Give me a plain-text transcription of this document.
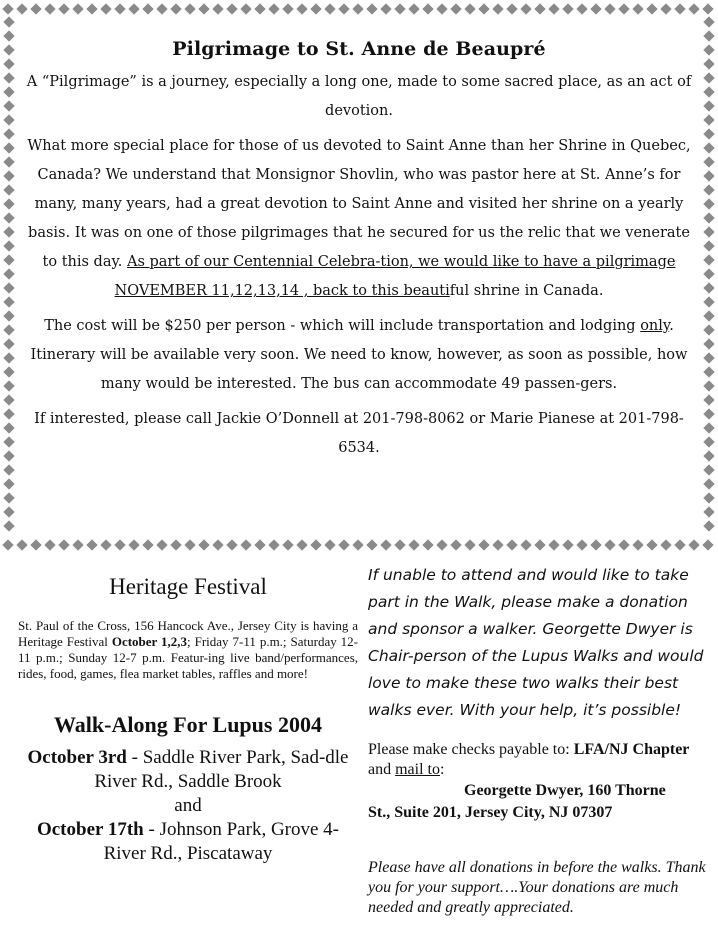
Pilgrimage to St. Anne de Beaupré

A “Pilgrimage” is a journey, especially a long one, made to some sacred place, as an act of devotion.

What more special place for those of us devoted to Saint Anne than her Shrine in Quebec, Canada? We understand that Monsignor Shovlin, who was pastor here at St. Anne’s for many, many years, had a great devotion to Saint Anne and visited her shrine on a yearly basis. It was on one of those pilgrimages that he secured for us the relic that we venerate to this day. As part of our Centennial Celebra-tion, we would like to have a pilgrimage NOVEMBER 11,12,13,14 , back to this beautiful shrine in Canada.

The cost will be $250 per person - which will include transportation and lodging only. Itinerary will be available very soon. We need to know, however, as soon as possible, how many would be interested. The bus can accommodate 49 passen-gers.

If interested, please call Jackie O’Donnell at 201-798-8062 or Marie Pianese at 201-798-6534.

Heritage Festival

St. Paul of the Cross, 156 Hancock Ave., Jersey City is having a Heritage Festival October 1,2,3; Friday 7-11 p.m.; Saturday 12-11 p.m.; Sunday 12-7 p.m. Featur-ing live band/performances, rides, food, games, flea market tables, raffles and more!

Walk-Along For Lupus 2004

October 3rd - Saddle River Park, Sad-dle River Rd., Saddle Brook

and

October 17th - Johnson Park, Grove 4-River Rd., Piscataway

If unable to attend and would like to take part in the Walk, please make a donation and sponsor a walker. Georgette Dwyer is Chair-person of the Lupus Walks and would love to make these two walks their best walks ever. With your help, it’s possible!

Please make checks payable to: LFA/NJ Chapter and mail to:

Georgette Dwyer, 160 Thorne
St., Suite 201, Jersey City, NJ 07307

Please have all donations in before the walks. Thank you for your support….Your donations are much needed and greatly appreciated.
